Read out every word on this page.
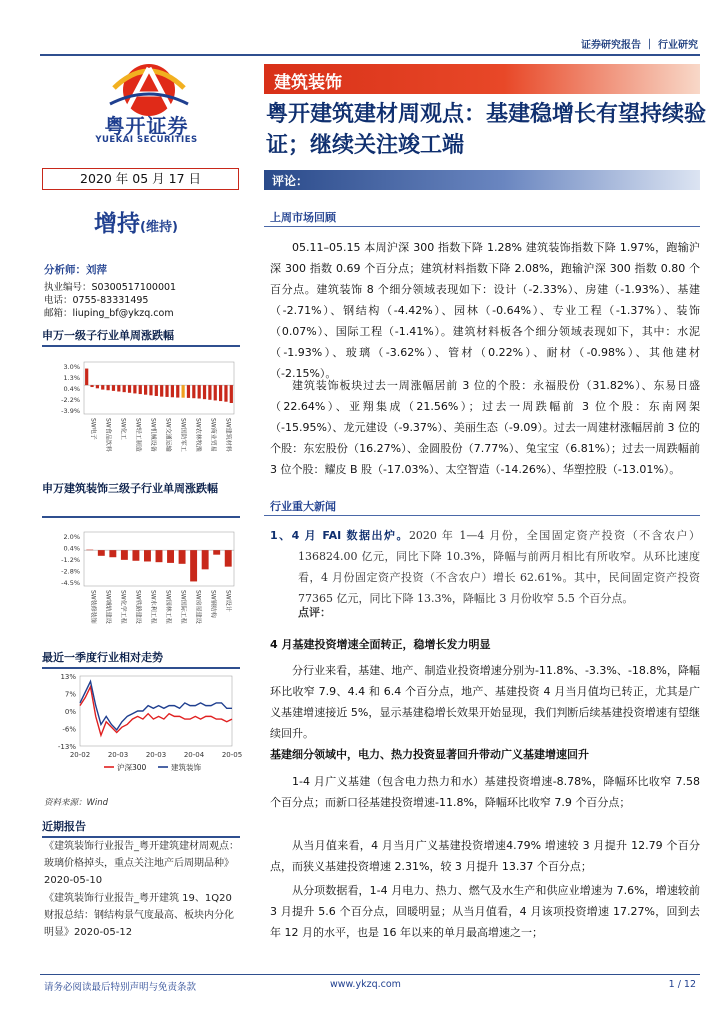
证券研究报告 ｜ 行业研究
粤开证券
YUEKAI SECURITIES
建筑装饰
粤开建筑建材周观点：基建稳增长有望持续验证；继续关注竣工端
2020 年 05 月 17 日	评论：
增持(维持)
分析师：刘萍
执业编号：S0300517100001
电话：0755-83331495
邮箱：liuping_bf@ykzq.com
申万一级子行业单周涨跌幅
3.0%
1.3%
0.4%
-2.2%
-3.9%
SW电子 SW食品饮料 SW化工 SW轻工制造 SW机械设备 SW交通运输 SW国防军工 SW农林牧渔 SW商业贸易 SW建筑材料
申万建筑装饰三级子行业单周涨跌幅
2.0%
0.4%
-1.2%
-2.8%
-4.5%
SW装修装饰 SW城轨建设 SW化学工程 SW铁路建设 SW水利工程 SW园林工程 SW国际工程 SW房屋建设 SW钢结构 SW设计
最近一季度行业相对走势
13%
7%
0%
-6%
-13%
20-02	20-03	20-03	20-04	20-05
沪深300	建筑装饰
资料来源：Wind
近期报告
《建筑装饰行业报告_粤开建筑建材周观点：玻璃价格掉头，重点关注地产后周期品种》2020-05-10
《建筑装饰行业报告_粤开建筑 19、1Q20 财报总结：钢结构景气度最高、板块内分化明显》2020-05-12
上周市场回顾
05.11–05.15 本周沪深 300 指数下降 1.28% 建筑装饰指数下降 1.97%，跑输沪深 300 指数 0.69 个百分点；建筑材料指数下降 2.08%，跑输沪深 300 指数 0.80 个百分点。建筑装饰 8 个细分领域表现如下：设计（-2.33%）、房建（-1.93%）、基建（-2.71%）、钢结构（-4.42%）、园林（-0.64%）、专业工程（-1.37%）、装饰（0.07%）、国际工程（-1.41%）。建筑材料板各个细分领域表现如下，其中：水泥（-1.93%）、玻璃（-3.62%）、管材（0.22%）、耐材（-0.98%）、其他建材（-2.15%）。
建筑装饰板块过去一周涨幅居前 3 位的个股：永福股份（31.82%）、东易日盛（22.64%）、亚翔集成（21.56%）；过去一周跌幅前 3 位个股：东南网架（-15.95%）、龙元建设（-9.37%）、美丽生态（-9.09）。过去一周建材涨幅居前 3 位的个股：东宏股份（16.27%）、金圆股份（7.77%）、兔宝宝（6.81%）；过去一周跌幅前 3 位个股：耀皮 B 股（-17.03%）、太空智造（-14.26%）、华塑控股（-13.01%）。
行业重大新闻
1、4 月 FAI 数据出炉。2020 年 1—4 月份，全国固定资产投资（不含农户）136824.00 亿元，同比下降 10.3%，降幅与前两月相比有所收窄。从环比速度看，4 月份固定资产投资（不含农户）增长 62.61%。其中，民间固定资产投资 77365 亿元，同比下降 13.3%，降幅比 3 月份收窄 5.5 个百分点。
点评：
4 月基建投资增速全面转正，稳增长发力明显
分行业来看，基建、地产、制造业投资增速分别为-11.8%、-3.3%、-18.8%，降幅环比收窄 7.9、4.4 和 6.4 个百分点，地产、基建投资 4 月当月值均已转正，尤其是广义基建增速接近 5%，显示基建稳增长效果开始显现，我们判断后续基建投资增速有望继续回升。
基建细分领域中，电力、热力投资显著回升带动广义基建增速回升
1-4 月广义基建（包含电力热力和水）基建投资增速-8.78%，降幅环比收窄 7.58 个百分点；而新口径基建投资增速-11.8%，降幅环比收窄 7.9 个百分点；
从当月值来看，4 月当月广义基建投资增速4.79% 增速较 3 月提升 12.79 个百分点，而狭义基建投资增速 2.31%，较 3 月提升 13.37 个百分点；
从分项数据看，1-4 月电力、热力、燃气及水生产和供应业增速为 7.6%，增速较前 3 月提升 5.6 个百分点，回暖明显；从当月值看，4 月该项投资增速 17.27%，回到去年 12 月的水平，也是 16 年以来的单月最高增速之一；
请务必阅读最后特别声明与免责条款	www.ykzq.com	1 / 12
